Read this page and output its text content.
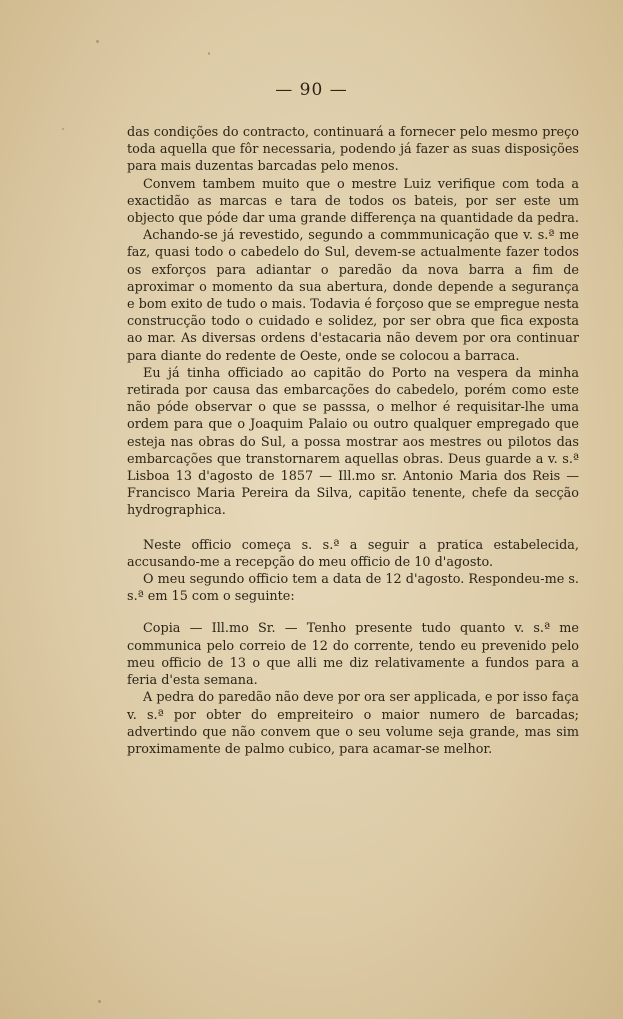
— 90 —

das condições do contracto, continuará a fornecer pelo mesmo preço toda aquella que fôr necessaria, podendo já fazer as suas disposições para mais duzentas barcadas pelo menos.

Convem tambem muito que o mestre Luiz verifique com toda a exactidão as marcas e tara de todos os bateis, por ser este um objecto que póde dar uma grande differença na quantidade da pedra.

Achando-se já revestido, segundo a commmunicação que v. s.ª me faz, quasi todo o cabedelo do Sul, devem-se actualmente fazer todos os exforços para adiantar o paredão da nova barra a fim de aproximar o momento da sua abertura, donde depende a segurança e bom exito de tudo o mais. Todavia é forçoso que se empregue nesta construcção todo o cuidado e solidez, por ser obra que fica exposta ao mar. As diversas ordens d'estacaria não devem por ora continuar para diante do redente de Oeste, onde se colocou a barraca.

Eu já tinha officiado ao capitão do Porto na vespera da minha retirada por causa das embarcações do cabedelo, porém como este não póde observar o que se passsa, o melhor é requisitar-lhe uma ordem para que o Joaquim Palaio ou outro qualquer empregado que esteja nas obras do Sul, a possa mostrar aos mestres ou pilotos das embarcações que transtornarem aquellas obras. Deus guarde a v. s.ª Lisboa 13 d'agosto de 1857 — Ill.mo sr. Antonio Maria dos Reis — Francisco Maria Pereira da Silva, capitão tenente, chefe da secção hydrographica.

Neste officio começa s. s.ª a seguir a pratica estabelecida, accusando-me a recepção do meu officio de 10 d'agosto.

O meu segundo officio tem a data de 12 d'agosto. Respondeu-me s. s.ª em 15 com o seguinte:

Copia — Ill.mo Sr. — Tenho presente tudo quanto v. s.ª me communica pelo correio de 12 do corrente, tendo eu prevenido pelo meu officio de 13 o que alli me diz relativamente a fundos para a feria d'esta semana.

A pedra do paredão não deve por ora ser applicada, e por isso faça v. s.ª por obter do empreiteiro o maior numero de barcadas; advertindo que não convem que o seu volume seja grande, mas sim proximamente de palmo cubico, para acamar-se melhor.
